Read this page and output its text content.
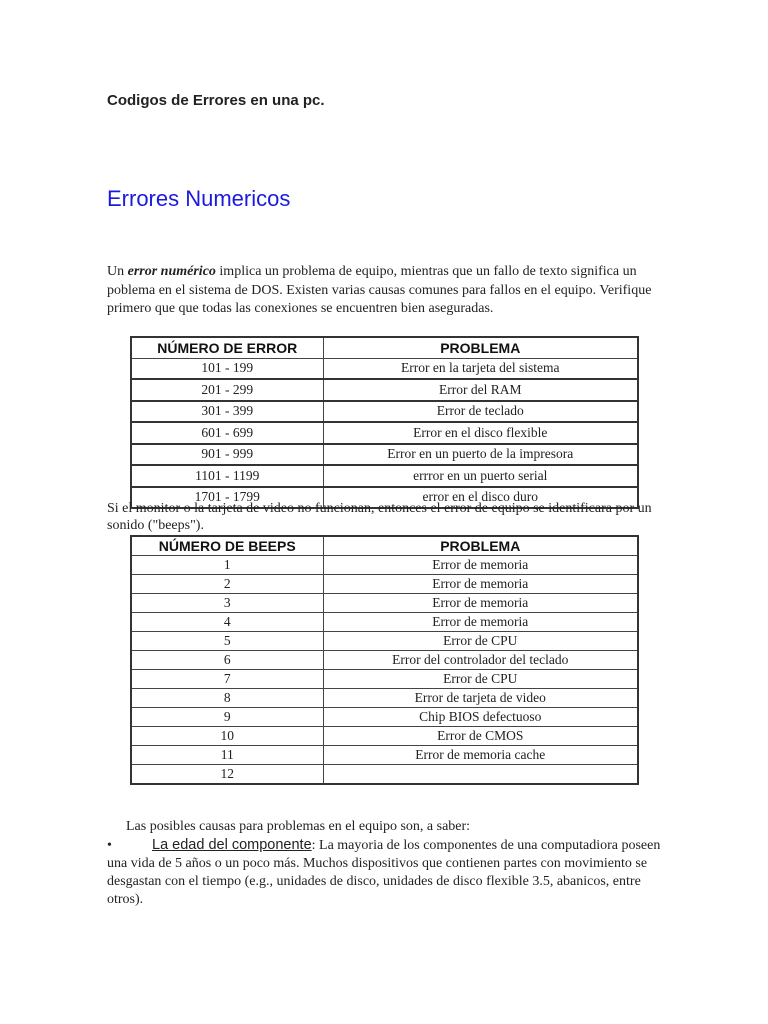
Codigos de Errores en una pc.
Errores Numericos
Un error numérico implica un problema de equipo, mientras que un fallo de texto significa un poblema en el sistema de DOS. Existen varias causas comunes para fallos en el equipo. Verifique primero que que todas las conexiones se encuentren bien aseguradas.
NÚMERO DE ERROR	PROBLEMA
101 - 199	Error en la tarjeta del sistema
201 - 299	Error del RAM
301 - 399	Error de teclado
601 - 699	Error en el disco flexible
901 - 999	Error en un puerto de la impresora
1101 - 1199	errror en un puerto serial
1701 - 1799	error en el disco duro
Si el monitor o la tarjeta de video no funcionan, entonces el error de equipo se identificara por un sonido ("beeps").
NÚMERO DE BEEPS	PROBLEMA
1	Error de memoria
2	Error de memoria
3	Error de memoria
4	Error de memoria
5	Error de CPU
6	Error del controlador del teclado
7	Error de CPU
8	Error de tarjeta de video
9	Chip BIOS defectuoso
10	Error de CMOS
11	Error de memoria cache
12	
Las posibles causas para problemas en el equipo son, a saber:
•	La edad del componente: La mayoria de los componentes de una computadiora poseen una vida de 5 años o un poco más. Muchos dispositivos que contienen partes con movimiento se desgastan con el tiempo (e.g., unidades de disco, unidades de disco flexible 3.5, abanicos, entre otros).
